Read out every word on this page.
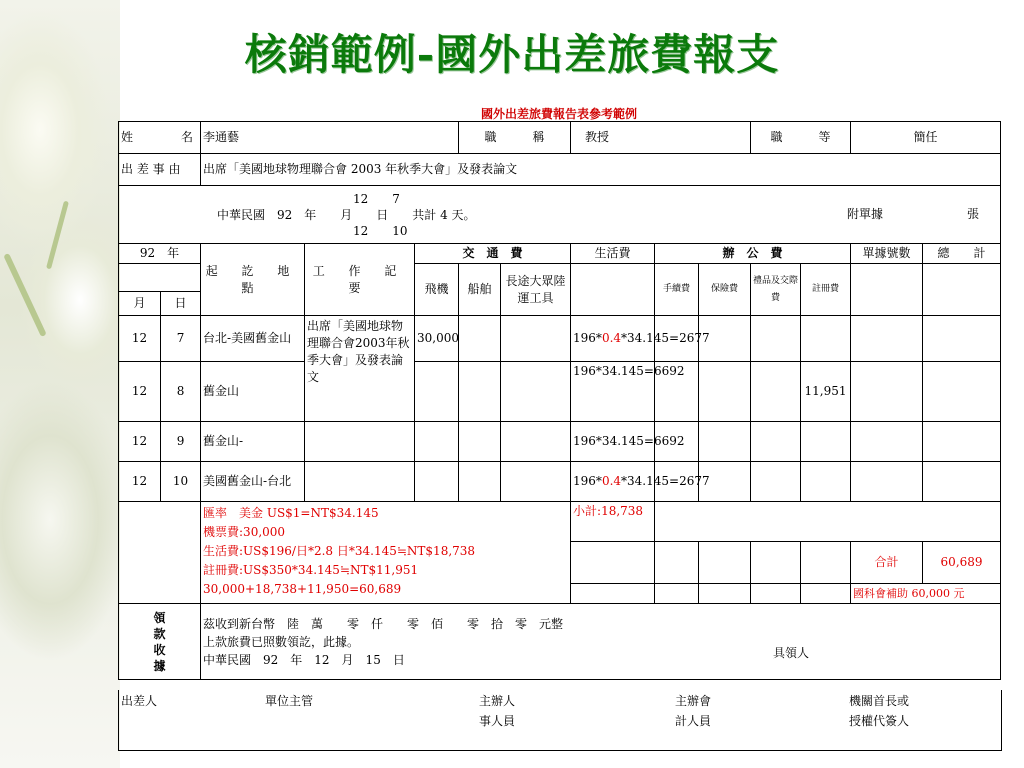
核銷範例-國外出差旅費報支
國外出差旅費報告表參考範例
姓　　　　名		李通藝			職　　　稱		教授			職　　　等		簡任	
出 差 事 由		出席「美國地球物理聯合會 2003 年秋季大會」及發表論文											

12　　7
中華民國　92　年　　月　　日　　共計 4 天。
12　　10
附單據 張													

92　年		起 訖 地 點	工 作 記 要	交　通　費			生活費	辦　公　費				單據號數	總　　計
				飛機	船舶	長途大眾陸運工具		手續費	保險費	禮品及交際費	註冊費		
月	日												
12	7	台北-美國舊金山	出席「美國地球物理聯合會2003年秋季大會」及發表論文	30,000			196*0.4*34.145=2677						
12	8	舊金山					196*34.145=6692				11,951		
12	9	舊金山-					196*34.145=6692						
12	10	美國舊金山-台北					196*0.4*34.145=2677						

		匯率　美金 US$1=NT$34.145
機票費:30,000
生活費:US$196/日*2.8 日*34.145≒NT$18,738
註冊費:US$350*34.145≒NT$11,951
30,000+18,738+11,950=60,689					小計:18,738						
												合計	60,689
												國科會補助 60,000 元	

領款收據		茲收到新台幣　陸　萬　　零　仟　　零　佰　　零　拾　零　元整
上款旅費已照數領訖，此據。
中華民國　92　年　12　月　15　日 具領人											
出差人	單位主管	主辦人
事人員
主辦會
計人員
機關首長或
授權代簽人
